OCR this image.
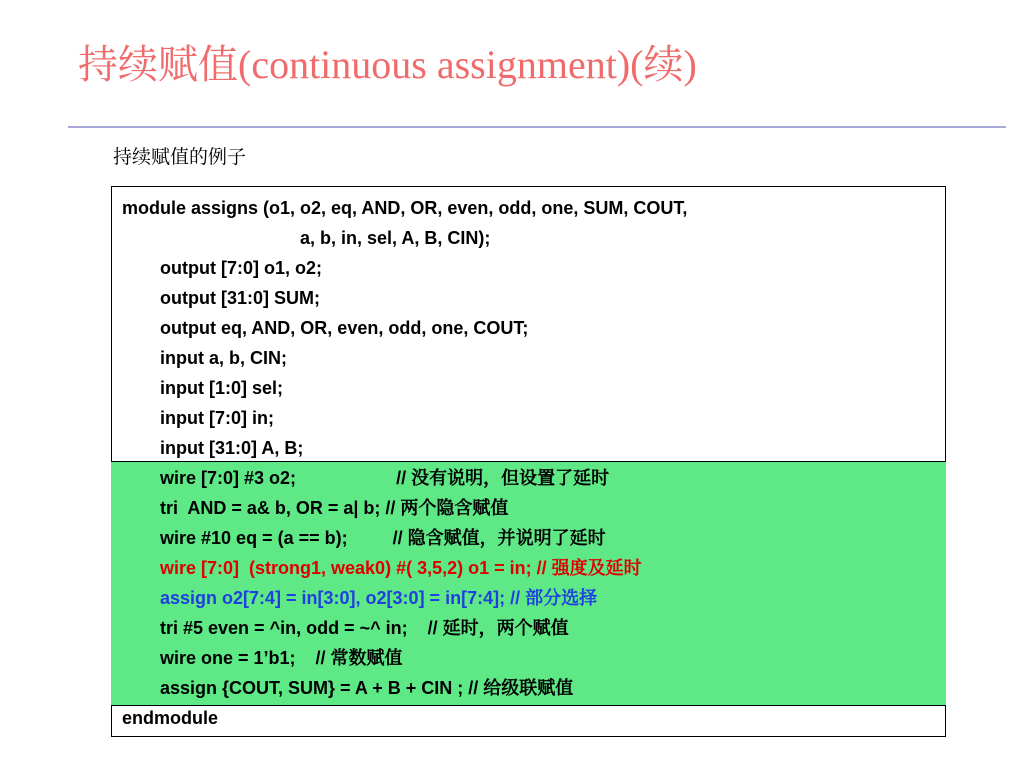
持续赋值(continuous assignment)(续)
持续赋值的例子
module assigns (o1, o2, eq, AND, OR, even, odd, one, SUM, COUT,
a, b, in, sel, A, B, CIN);
output [7:0] o1, o2;
output [31:0] SUM;
output eq, AND, OR, even, odd, one, COUT;
input a, b, CIN;
input [1:0] sel;
input [7:0] in;
input [31:0] A, B;
wire [7:0] #3 o2;                    // 没有说明，但设置了延时
tri  AND = a& b, OR = a| b; // 两个隐含赋值
wire #10 eq = (a == b);         // 隐含赋值，并说明了延时
wire [7:0]  (strong1, weak0) #( 3,5,2) o1 = in; // 强度及延时
assign o2[7:4] = in[3:0], o2[3:0] = in[7:4]; // 部分选择
tri #5 even = ^in, odd = ~^ in;    // 延时，两个赋值
wire one = 1’b1;    // 常数赋值
assign {COUT, SUM} = A + B + CIN ; // 给级联赋值
endmodule
